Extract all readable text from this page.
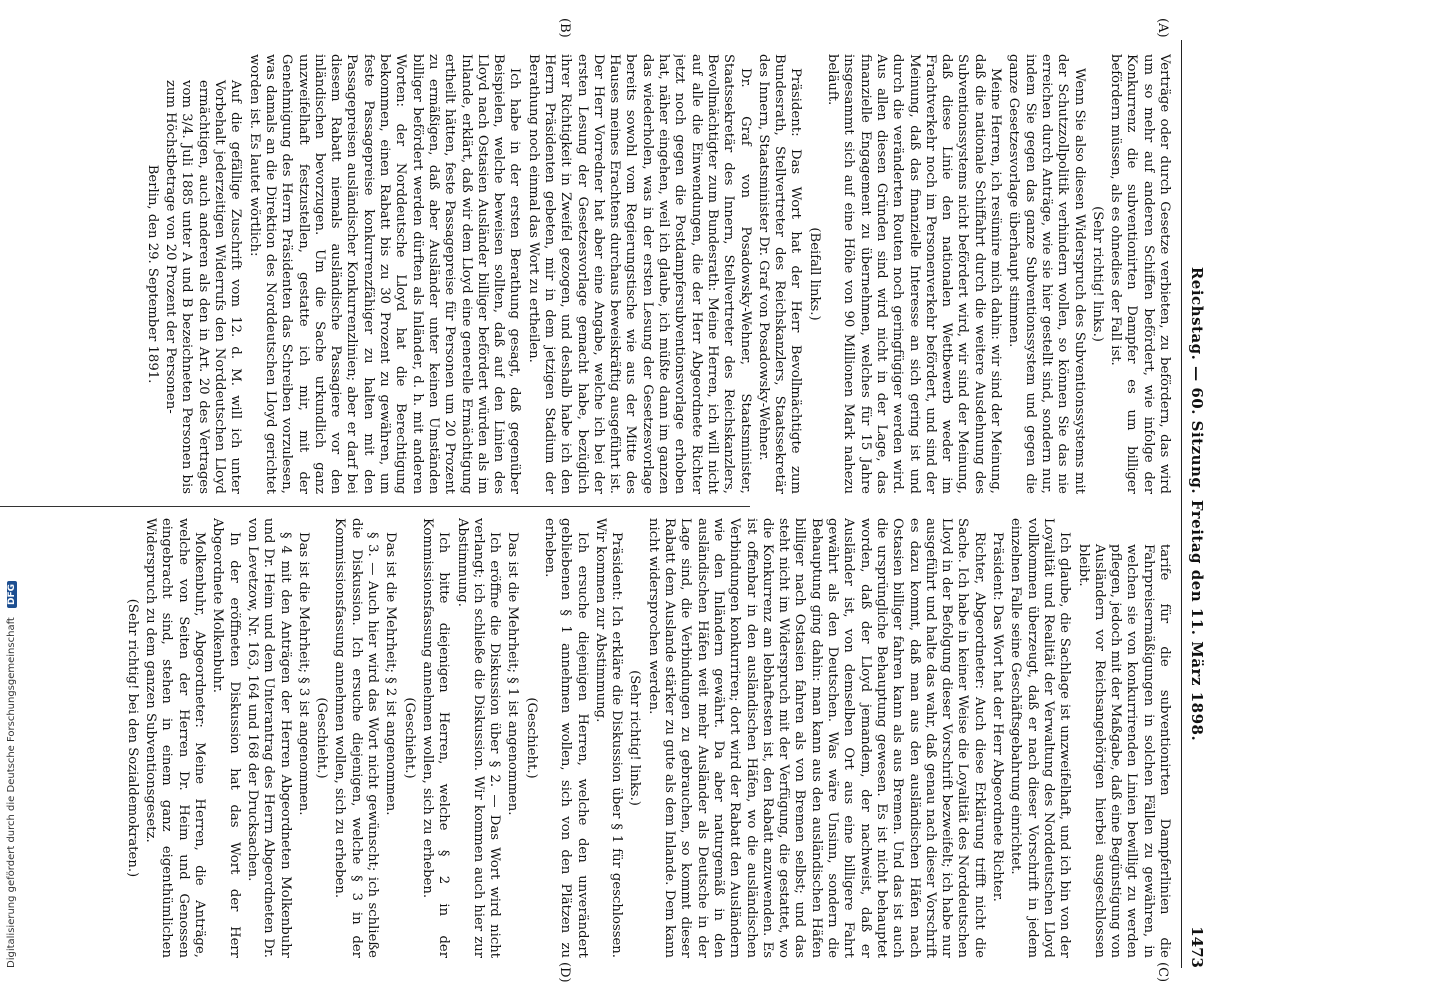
Reichstag. — 60. Sitzung. Freitag den 11. März 1898.
1473
(A)
(B)
(C)
(D)

Verträge oder durch Gesetze verbieten, zu befördern, das wird um so mehr auf anderen Schiffen befördert, wie infolge der Konkurrenz die subventionirten Dampfer es um billiger befördern müssen, als es ohnedies der Fall ist.

(Sehr richtig! links.)

Wenn Sie also diesen Widerspruch des Subventionssystems mit der Schutzzollpolitik verhindern wollen, so können Sie das nie erreichen durch Anträge, wie sie hier gestellt sind, sondern nur, indem Sie gegen das ganze Subventionssystem und gegen die ganze Gesetzesvorlage überhaupt stimmen.

Meine Herren, ich resümire mich dahin: wir sind der Meinung, daß die nationale Schiffahrt durch die weitere Ausdehnung des Subventionssystems nicht befördert wird, wir sind der Meinung, daß diese Linie den nationalen Wettbewerb weder im Frachtverkehr noch im Personenverkehr befördert, und sind der Meinung, daß das finanzielle Interesse an sich gering ist und durch die veränderten Routen noch geringfügiger werden wird. Aus allen diesen Gründen sind wird nicht in der Lage, das finanzielle Engagement zu übernehmen, welches für 15 Jahre insgesammt sich auf eine Höhe von 90 Millionen Mark nahezu beläuft.

(Beifall links.)

Präsident: Das Wort hat der Herr Bevollmächtigte zum Bundesrath, Stellvertreter des Reichskanzlers, Staatssekretär des Innern, Staatsminister Dr. Graf von Posadowsky-Wehner.

Dr. Graf von Posadowsky-Wehner, Staatsminister, Staatssekretär des Innern, Stellvertreter des Reichskanzlers, Bevollmächtigter zum Bundesrath: Meine Herren, ich will nicht auf alle die Einwendungen, die der Herr Abgeordnete Richter jetzt noch gegen die Postdampfersubventionsvorlage erhoben hat, näher eingehen, weil ich glaube, ich müßte dann im ganzen das wiederholen, was in der ersten Lesung der Gesetzesvorlage bereits sowohl vom Regierungstische wie aus der Mitte des Hauses meines Erachtens durchaus beweiskräftig ausgeführt ist. Der Herr Vorredner hat aber eine Angabe, welche ich bei der ersten Lesung der Gesetzesvorlage gemacht habe, bezüglich ihrer Richtigkeit in Zweifel gezogen, und deshalb habe ich den Herrn Präsidenten gebeten, mir in dem jetzigen Stadium der Berathung noch einmal das Wort zu ertheilen.

Ich habe in der ersten Berathung gesagt, daß gegenüber Beispielen, welche beweisen sollten, daß auf den Linien des Lloyd nach Ostasien Ausländer billiger befördert würden als im Inlande, erklärt, daß wir dem Lloyd eine generelle Ermächtigung ertheilt hätten, feste Passagepreise für Personen um 20 Prozent zu ermäßigen, daß aber Ausländer unter keinen Umständen billiger befördert werden dürften als Inländer, d. h. mit anderen Worten: der Norddeutsche Lloyd hat die Berechtigung bekommen, einen Rabatt bis zu 30 Prozent zu gewähren, um feste Passagepreise konkurrenzfähiger zu halten mit den Passagepreisen ausländischer Konkurrenzlinien; aber er darf bei diesem Rabatt niemals ausländische Passagiere vor den inländischen bevorzugen. Um die Sache urkundlich ganz unzweifelhaft festzustellen, gestatte ich mir, mit der Genehmigung des Herrn Präsidenten das Schreiben vorzulesen, was damals an die Direktion des Norddeutschen Lloyd gerichtet worden ist. Es lautet wörtlich:

Auf die gefällige Zuschrift vom 12. d. M. will ich unter Vorbehalt jederzeitigen Widerrufs den Norddeutschen Lloyd ermächtigen, auch anderen als den in Art. 20 des Vertrages vom 3/4. Juli 1885 unter A und B bezeichneten Personen bis zum Höchstbetrage von 20 Prozent der Personen-

Berlin, den 29. September 1891.

tarife für die subventionirten Dampferlinien die Fahrpreisermäßigungen in solchen Fällen zu gewähren, in welchen sie von konkurrirenden Linien bewilligt zu werden pflegen, jedoch mit der Maßgabe, daß eine Begünstigung von Ausländern vor Reichsangehörigen hierbei ausgeschlossen bleibt.

Ich glaube, die Sachlage ist unzweifelhaft, und ich bin von der Loyalität und Realität der Verwaltung des Norddeutschen Lloyd vollkommen überzeugt, daß er nach dieser Vorschrift in jedem einzelnen Falle seine Geschäftsgebahrung einrichtet.

Präsident: Das Wort hat der Herr Abgeordnete Richter.

Richter, Abgeordneter: Auch diese Erklärung trifft nicht die Sache. Ich habe in keiner Weise die Loyalität des Norddeutschen Lloyd in der Befolgung dieser Vorschrift bezweifelt; ich habe nur ausgeführt und halte das wahr, daß genau nach dieser Vorschrift es dazu kommt, daß man aus den ausländischen Häfen nach Ostasien billiger fahren kann als aus Bremen. Und das ist auch die ursprüngliche Behauptung gewesen. Es ist nicht behauptet worden, daß der Lloyd jemandem, der nachweist, daß er Ausländer ist, von demselben Ort aus eine billigere Fahrt gewährt als den Deutschen. Was wäre Unsinn, sondern die Behauptung ging dahin: man kann aus den ausländischen Häfen billiger nach Ostasien fahren als von Bremen selbst; und das steht nicht im Widerspruch mit der Verfügung, die gestattet, wo die Konkurrenz am lebhaftesten ist, den Rabatt anzuwenden. Es ist offenbar in den ausländischen Häfen, wo die ausländischen Verbindungen konkurriren; dort wird der Rabatt den Ausländern wie den Inländern gewährt. Da aber naturgemäß in den ausländischen Häfen weit mehr Ausländer als Deutsche in der Lage sind, die Verbindungen zu gebrauchen, so kommt dieser Rabatt dem Auslande stärker zu gute als dem Inlande. Dem kann nicht widersprochen werden.

(Sehr richtig! links.)

Präsident: Ich erkläre die Diskussion über § 1 für geschlossen. Wir kommen zur Abstimmung.

Ich ersuche diejenigen Herren, welche den unverändert gebliebenen § 1 annehmen wollen, sich von den Plätzen zu erheben.

(Geschieht.)

Das ist die Mehrheit; § 1 ist angenommen.

Ich eröffne die Diskussion über § 2. — Das Wort wird nicht verlangt; ich schließe die Diskussion. Wir kommen auch hier zur Abstimmung.

Ich bitte diejenigen Herren, welche § 2 in der Kommissionsfassung annehmen wollen, sich zu erheben.

(Geschieht.)

Das ist die Mehrheit; § 2 ist angenommen.

§ 3. — Auch hier wird das Wort nicht gewünscht; ich schließe die Diskussion. Ich ersuche diejenigen, welche § 3 in der Kommissionsfassung annehmen wollen, sich zu erheben.

(Geschieht.)

Das ist die Mehrheit; § 3 ist angenommen.

§ 4 mit den Anträgen der Herren Abgeordneten Molkenbuhr und Dr. Heim und dem Unterantrag des Herrn Abgeordneten Dr. von Levetzow, Nr. 163, 164 und 168 der Drucksachen.

In der eröffneten Diskussion hat das Wort der Herr Abgeordnete Molkenbuhr.

Molkenbuhr, Abgeordneter: Meine Herren, die Anträge, welche von Seiten der Herren Dr. Heim und Genossen eingebracht sind, stehen in einem ganz eigenthümlichen Widerspruch zu dem ganzen Subventionsgesetz.

(Sehr richtig! bei den Sozialdemokraten.)

Digitalisierung gefördert durch die Deutsche Forschungsgemeinschaft DFG
